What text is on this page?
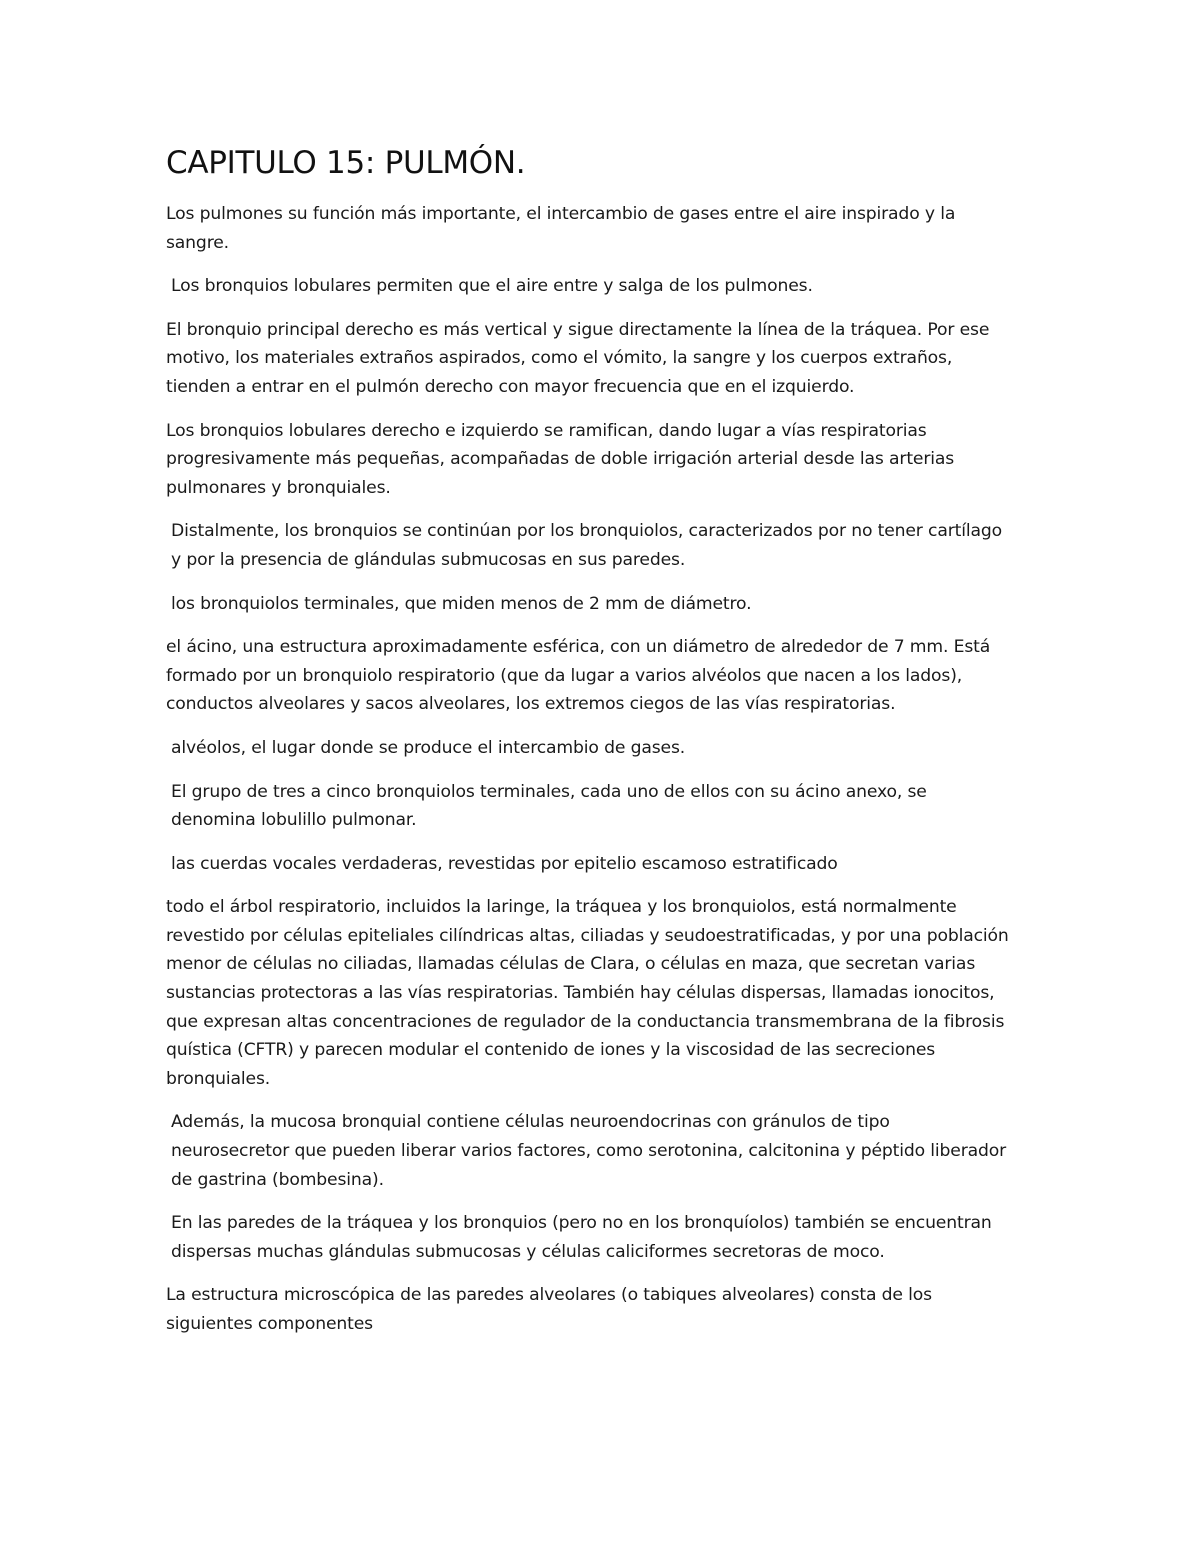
CAPITULO 15: PULMÓN.

Los pulmones su función más importante, el intercambio de gases entre el aire inspirado y la
sangre.

Los bronquios lobulares permiten que el aire entre y salga de los pulmones.

El bronquio principal derecho es más vertical y sigue directamente la línea de la tráquea. Por ese
motivo, los materiales extraños aspirados, como el vómito, la sangre y los cuerpos extraños,
tienden a entrar en el pulmón derecho con mayor frecuencia que en el izquierdo.

Los bronquios lobulares derecho e izquierdo se ramifican, dando lugar a vías respiratorias
progresivamente más pequeñas, acompañadas de doble irrigación arterial desde las arterias
pulmonares y bronquiales.

Distalmente, los bronquios se continúan por los bronquiolos, caracterizados por no tener cartílago
y por la presencia de glándulas submucosas en sus paredes.

los bronquiolos terminales, que miden menos de 2 mm de diámetro.

el ácino, una estructura aproximadamente esférica, con un diámetro de alrededor de 7 mm. Está
formado por un bronquiolo respiratorio (que da lugar a varios alvéolos que nacen a los lados),
conductos alveolares y sacos alveolares, los extremos ciegos de las vías respiratorias.

alvéolos, el lugar donde se produce el intercambio de gases.

El grupo de tres a cinco bronquiolos terminales, cada uno de ellos con su ácino anexo, se
denomina lobulillo pulmonar.

las cuerdas vocales verdaderas, revestidas por epitelio escamoso estratificado

todo el árbol respiratorio, incluidos la laringe, la tráquea y los bronquiolos, está normalmente
revestido por células epiteliales cilíndricas altas, ciliadas y seudoestratificadas, y por una población
menor de células no ciliadas, llamadas células de Clara, o células en maza, que secretan varias
sustancias protectoras a las vías respiratorias. También hay células dispersas, llamadas ionocitos,
que expresan altas concentraciones de regulador de la conductancia transmembrana de la fibrosis
quística (CFTR) y parecen modular el contenido de iones y la viscosidad de las secreciones
bronquiales.

Además, la mucosa bronquial contiene células neuroendocrinas con gránulos de tipo
neurosecretor que pueden liberar varios factores, como serotonina, calcitonina y péptido liberador
de gastrina (bombesina).

En las paredes de la tráquea y los bronquios (pero no en los bronquíolos) también se encuentran
dispersas muchas glándulas submucosas y células caliciformes secretoras de moco.

La estructura microscópica de las paredes alveolares (o tabiques alveolares) consta de los
siguientes componentes
